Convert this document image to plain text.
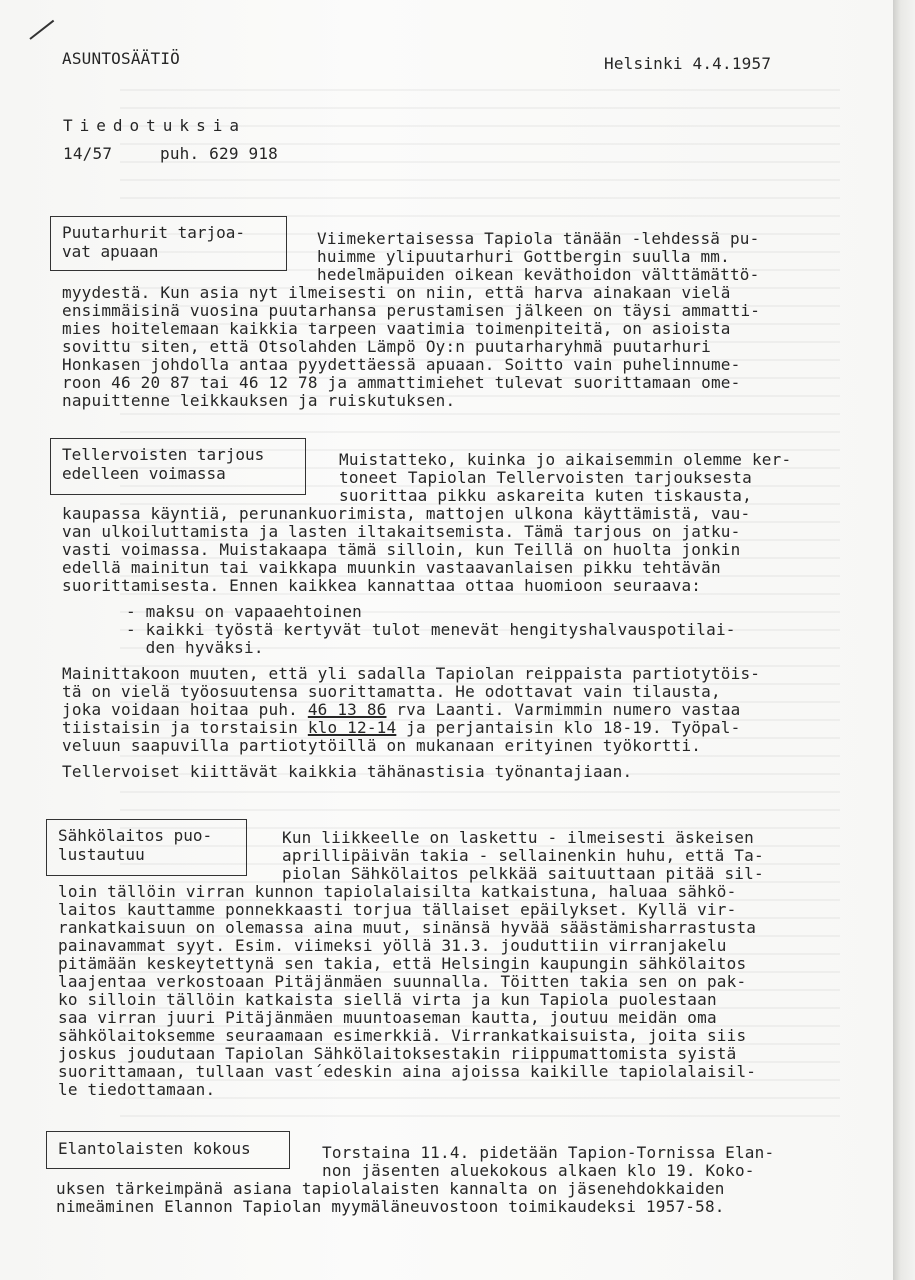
ASUNTOSÄÄTIÖ	Helsinki 4.4.1957
Tiedotuksia
14/57	puh. 629 918
Puutarhurit tarjoa-
vat apuaan
Viimekertaisessa Tapiola tänään -lehdessä pu-
huimme ylipuutarhuri Gottbergin suulla mm.
hedelmäpuiden oikean keväthoidon välttämättö-
myydestä. Kun asia nyt ilmeisesti on niin, että harva ainakaan vielä
ensimmäisinä vuosina puutarhansa perustamisen jälkeen on täysi ammatti-
mies hoitelemaan kaikkia tarpeen vaatimia toimenpiteitä, on asioista
sovittu siten, että Otsolahden Lämpö Oy:n puutarharyhmä puutarhuri
Honkasen johdolla antaa pyydettäessä apuaan. Soitto vain puhelinnume-
roon 46 20 87 tai 46 12 78 ja ammattimiehet tulevat suorittamaan ome-
napuittenne leikkauksen ja ruiskutuksen.
Tellervoisten tarjous
edelleen voimassa
Muistatteko, kuinka jo aikaisemmin olemme ker-
toneet Tapiolan Tellervoisten tarjouksesta
suorittaa pikku askareita kuten tiskausta,
kaupassa käyntiä, perunankuorimista, mattojen ulkona käyttämistä, vau-
van ulkoiluttamista ja lasten iltakaitsemista. Tämä tarjous on jatku-
vasti voimassa. Muistakaapa tämä silloin, kun Teillä on huolta jonkin
edellä mainitun tai vaikkapa muunkin vastaavanlaisen pikku tehtävän
suorittamisesta. Ennen kaikkea kannattaa ottaa huomioon seuraava:
- maksu on vapaaehtoinen
- kaikki työstä kertyvät tulot menevät hengityshalvauspotilai-
den hyväksi.
Mainittakoon muuten, että yli sadalla Tapiolan reippaista partiotytöis-
tä on vielä työosuutensa suorittamatta. He odottavat vain tilausta,
joka voidaan hoitaa puh. 46 13 86 rva Laanti. Varmimmin numero vastaa
tiistaisin ja torstaisin klo 12-14 ja perjantaisin klo 18-19. Työpal-
veluun saapuvilla partiotytöillä on mukanaan erityinen työkortti.
Tellervoiset kiittävät kaikkia tähänastisia työnantajiaan.
Sähkölaitos puo-
lustautuu
Kun liikkeelle on laskettu - ilmeisesti äskeisen
aprillipäivän takia - sellainenkin huhu, että Ta-
piolan Sähkölaitos pelkkää saituuttaan pitää sil-
loin tällöin virran kunnon tapiolalaisilta katkaistuna, haluaa sähkö-
laitos kauttamme ponnekkaasti torjua tällaiset epäilykset. Kyllä vir-
rankatkaisuun on olemassa aina muut, sinänsä hyvää säästämisharrastusta
painavammat syyt. Esim. viimeksi yöllä 31.3. jouduttiin virranjakelu
pitämään keskeytettynä sen takia, että Helsingin kaupungin sähkölaitos
laajentaa verkostoaan Pitäjänmäen suunnalla. Töitten takia sen on pak-
ko silloin tällöin katkaista siellä virta ja kun Tapiola puolestaan
saa virran juuri Pitäjänmäen muuntoaseman kautta, joutuu meidän oma
sähkölaitoksemme seuraamaan esimerkkiä. Virrankatkaisuista, joita siis
joskus joudutaan Tapiolan Sähkölaitoksestakin riippumattomista syistä
suorittamaan, tullaan vast´edeskin aina ajoissa kaikille tapiolalaisil-
le tiedottamaan.
Elantolaisten kokous	Torstaina 11.4. pidetään Tapion-Tornissa Elan-
non jäsenten aluekokous alkaen klo 19. Koko-
uksen tärkeimpänä asiana tapiolalaisten kannalta on jäsenehdokkaiden
nimeäminen Elannon Tapiolan myymäläneuvostoon toimikaudeksi 1957-58.
